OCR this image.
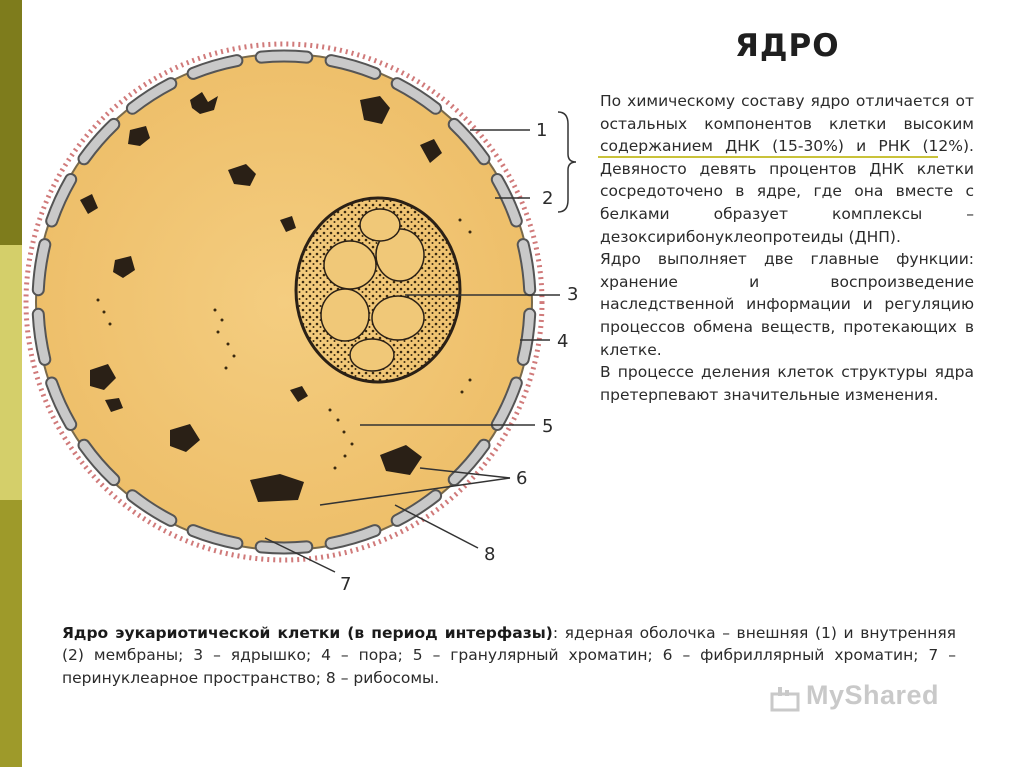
1
2
3
4
5
6
7
8
ЯДРО

По химическому составу ядро отличается от остальных компонентов клетки высоким содержанием ДНК (15-30%) и РНК (12%). Девяносто девять процентов ДНК клетки сосредоточено в ядре, где она вместе с белками образует комплексы – дезоксирибонуклеопротеиды (ДНП).

Ядро выполняет две главные функции: хранение и воспроизведение наследственной информации и регуляцию процессов обмена веществ, протекающих в клетке.

В процессе деления клеток структуры ядра претерпевают значительные изменения.

Ядро эукариотической клетки (в период интерфазы): ядерная оболочка – внешняя (1) и внутренняя (2) мембраны; 3 – ядрышко; 4 – пора; 5 – гранулярный хроматин; 6 – фибриллярный хроматин; 7 – перинуклеарное пространство; 8 – рибосомы.
MyShared
